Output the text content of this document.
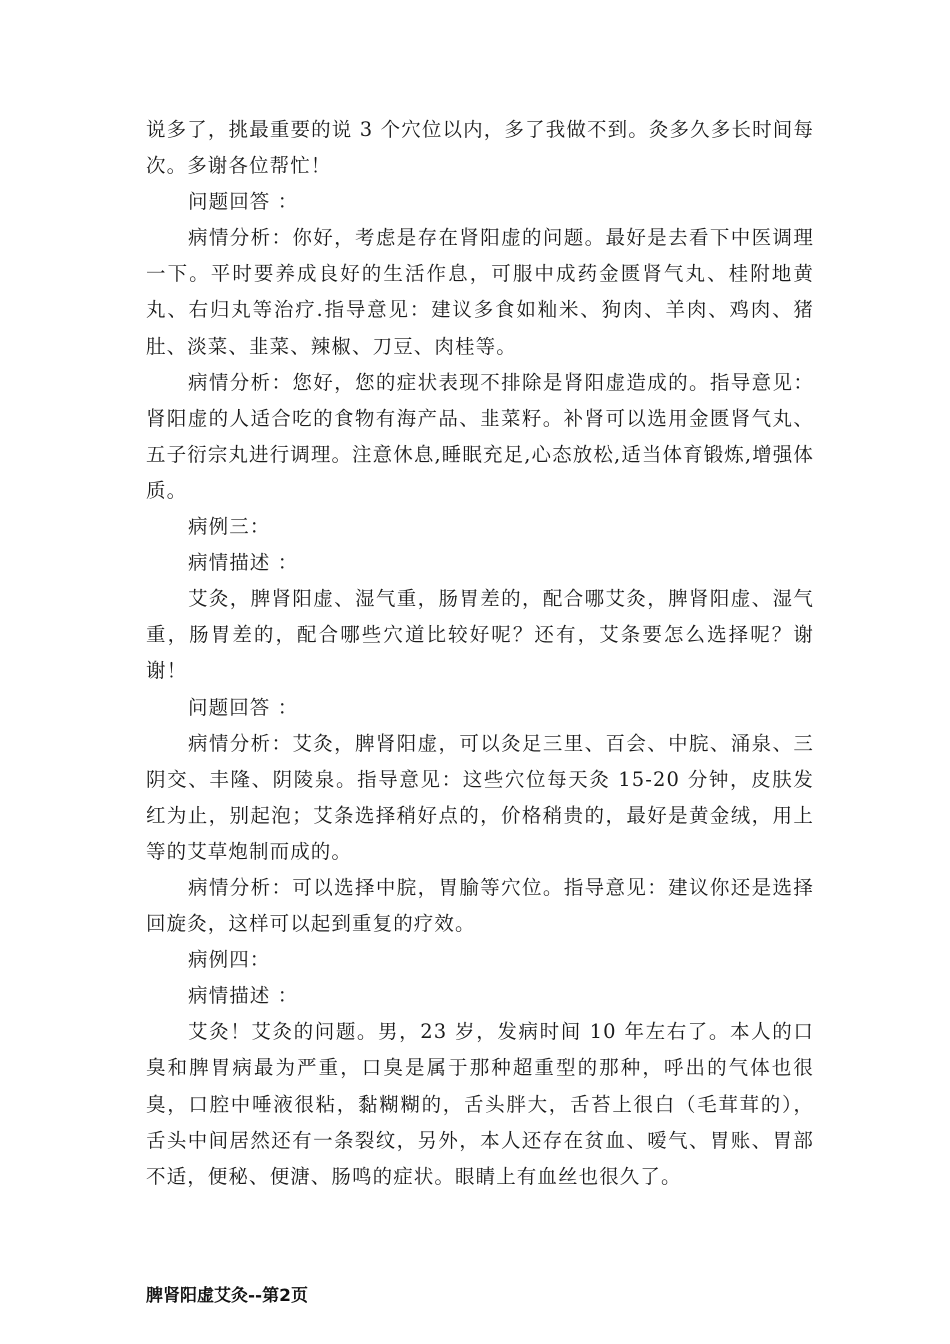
说多了，挑最重要的说 3 个穴位以内，多了我做不到。灸多久多长时间每次。多谢各位帮忙！

问题回答 ：

病情分析：你好，考虑是存在肾阳虚的问题。最好是去看下中医调理一下。平时要养成良好的生活作息，可服中成药金匮肾气丸、桂附地黄丸、右归丸等治疗.指导意见：建议多食如籼米、狗肉、羊肉、鸡肉、猪肚、淡菜、韭菜、辣椒、刀豆、肉桂等。

病情分析：您好，您的症状表现不排除是肾阳虚造成的。指导意见：肾阳虚的人适合吃的食物有海产品、韭菜籽。补肾可以选用金匮肾气丸、五子衍宗丸进行调理。注意休息,睡眠充足,心态放松,适当体育锻炼,增强体质。

病例三：

病情描述 ：

艾灸，脾肾阳虚、湿气重，肠胃差的，配合哪艾灸，脾肾阳虚、湿气重，肠胃差的，配合哪些穴道比较好呢？还有，艾条要怎么选择呢？谢谢！

问题回答 ：

病情分析：艾灸，脾肾阳虚，可以灸足三里、百会、中脘、涌泉、三阴交、丰隆、阴陵泉。指导意见：这些穴位每天灸 15-20 分钟，皮肤发红为止，别起泡；艾条选择稍好点的，价格稍贵的，最好是黄金绒，用上等的艾草炮制而成的。

病情分析：可以选择中脘，胃腧等穴位。指导意见：建议你还是选择回旋灸，这样可以起到重复的疗效。

病例四：

病情描述 ：

艾灸！艾灸的问题。男，23 岁，发病时间 10 年左右了。本人的口臭和脾胃病最为严重，口臭是属于那种超重型的那种，呼出的气体也很臭，口腔中唾液很粘，黏糊糊的，舌头胖大，舌苔上很白（毛茸茸的），舌头中间居然还有一条裂纹，另外，本人还存在贫血、嗳气、胃账、胃部不适，便秘、便溏、肠鸣的症状。眼睛上有血丝也很久了。

脾肾阳虚艾灸--第2页
